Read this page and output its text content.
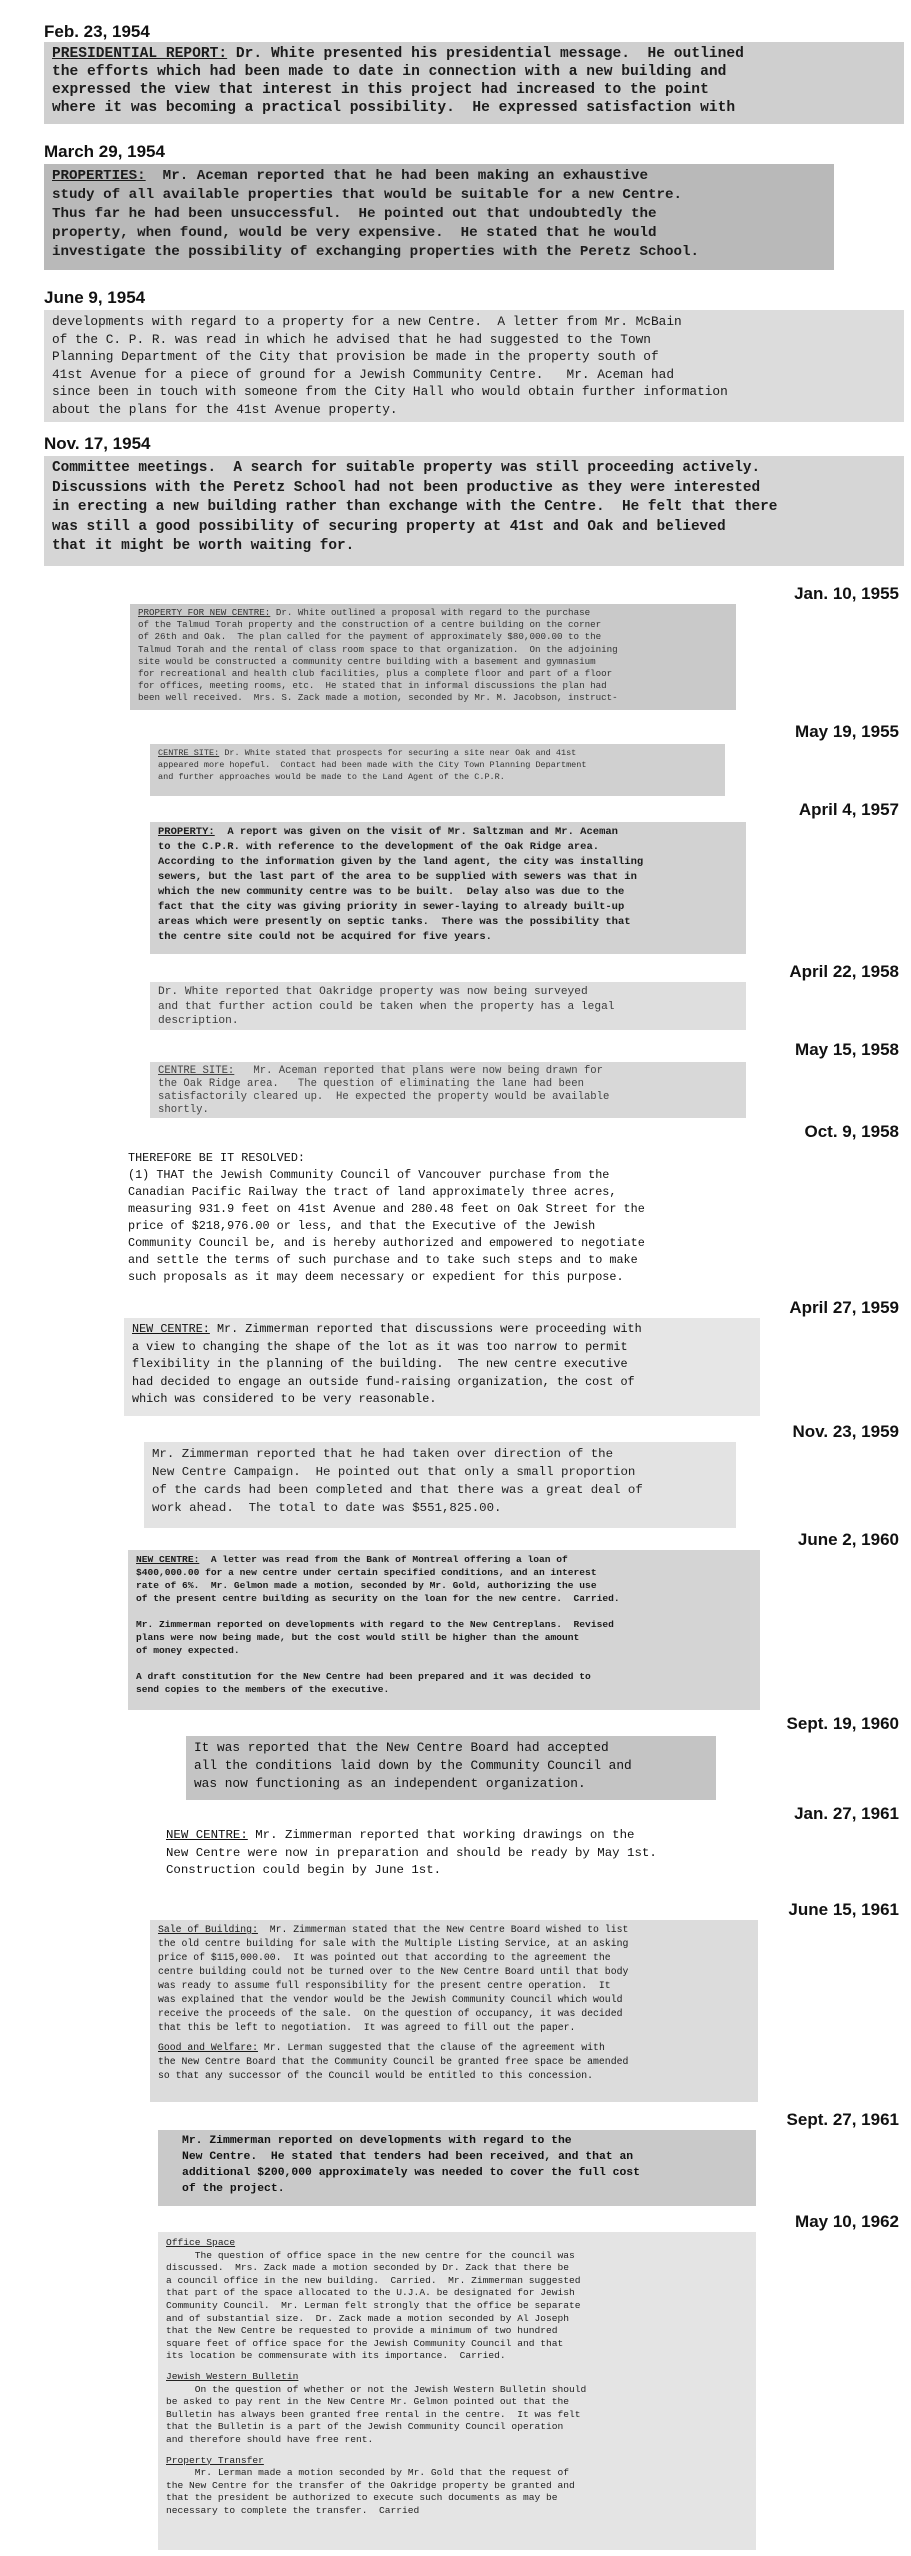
Feb. 23, 1954

PRESIDENTIAL REPORT: Dr. White presented his presidential message.  He outlined
the efforts which had been made to date in connection with a new building and
expressed the view that interest in this project had increased to the point
where it was becoming a practical possibility.  He expressed satisfaction with

March 29, 1954

PROPERTIES:  Mr. Aceman reported that he had been making an exhaustive
study of all available properties that would be suitable for a new Centre.
Thus far he had been unsuccessful.  He pointed out that undoubtedly the
property, when found, would be very expensive.  He stated that he would
investigate the possibility of exchanging properties with the Peretz School.

June 9, 1954

developments with regard to a property for a new Centre.  A letter from Mr. McBain
of the C. P. R. was read in which he advised that he had suggested to the Town
Planning Department of the City that provision be made in the property south of
41st Avenue for a piece of ground for a Jewish Community Centre.   Mr. Aceman had
since been in touch with someone from the City Hall who would obtain further information
about the plans for the 41st Avenue property.

Nov. 17, 1954

Committee meetings.  A search for suitable property was still proceeding actively.
Discussions with the Peretz School had not been productive as they were interested
in erecting a new building rather than exchange with the Centre.  He felt that there
was still a good possibility of securing property at 41st and Oak and believed
that it might be worth waiting for.

Jan. 10, 1955

PROPERTY FOR NEW CENTRE: Dr. White outlined a proposal with regard to the purchase
of the Talmud Torah property and the construction of a centre building on the corner
of 26th and Oak.  The plan called for the payment of approximately $80,000.00 to the
Talmud Torah and the rental of class room space to that organization.  On the adjoining
site would be constructed a community centre building with a basement and gymnasium
for recreational and health club facilities, plus a complete floor and part of a floor
for offices, meeting rooms, etc.  He stated that in informal discussions the plan had
been well received.  Mrs. S. Zack made a motion, seconded by Mr. M. Jacobson, instruct-

May 19, 1955

CENTRE SITE: Dr. White stated that prospects for securing a site near Oak and 41st
appeared more hopeful.  Contact had been made with the City Town Planning Department
and further approaches would be made to the Land Agent of the C.P.R.

April 4, 1957

PROPERTY:  A report was given on the visit of Mr. Saltzman and Mr. Aceman
to the C.P.R. with reference to the development of the Oak Ridge area.
According to the information given by the land agent, the city was installing
sewers, but the last part of the area to be supplied with sewers was that in
which the new community centre was to be built.  Delay also was due to the
fact that the city was giving priority in sewer-laying to already built-up
areas which were presently on septic tanks.  There was the possibility that
the centre site could not be acquired for five years.

April 22, 1958

Dr. White reported that Oakridge property was now being surveyed
and that further action could be taken when the property has a legal
description.

May 15, 1958

CENTRE SITE:   Mr. Aceman reported that plans were now being drawn for
the Oak Ridge area.   The question of eliminating the lane had been
satisfactorily cleared up.  He expected the property would be available
shortly.

Oct. 9, 1958

THEREFORE BE IT RESOLVED:
(1) THAT the Jewish Community Council of Vancouver purchase from the
Canadian Pacific Railway the tract of land approximately three acres,
measuring 931.9 feet on 41st Avenue and 280.48 feet on Oak Street for the
price of $218,976.00 or less, and that the Executive of the Jewish
Community Council be, and is hereby authorized and empowered to negotiate
and settle the terms of such purchase and to take such steps and to make
such proposals as it may deem necessary or expedient for this purpose.

April 27, 1959

NEW CENTRE: Mr. Zimmerman reported that discussions were proceeding with
a view to changing the shape of the lot as it was too narrow to permit
flexibility in the planning of the building.  The new centre executive
had decided to engage an outside fund-raising organization, the cost of
which was considered to be very reasonable.

Nov. 23, 1959

Mr. Zimmerman reported that he had taken over direction of the
New Centre Campaign.  He pointed out that only a small proportion
of the cards had been completed and that there was a great deal of
work ahead.  The total to date was $551,825.00.

June 2, 1960

NEW CENTRE:  A letter was read from the Bank of Montreal offering a loan of
$400,000.00 for a new centre under certain specified conditions, and an interest
rate of 6%.  Mr. Gelmon made a motion, seconded by Mr. Gold, authorizing the use
of the present centre building as security on the loan for the new centre.  Carried.

Mr. Zimmerman reported on developments with regard to the New Centreplans.  Revised
plans were now being made, but the cost would still be higher than the amount
of money expected.

A draft constitution for the New Centre had been prepared and it was decided to
send copies to the members of the executive.

Sept. 19, 1960

It was reported that the New Centre Board had accepted
all the conditions laid down by the Community Council and
was now functioning as an independent organization.

Jan. 27, 1961

NEW CENTRE: Mr. Zimmerman reported that working drawings on the
New Centre were now in preparation and should be ready by May 1st.
Construction could begin by June 1st.

June 15, 1961

Sale of Building:  Mr. Zimmerman stated that the New Centre Board wished to list
the old centre building for sale with the Multiple Listing Service, at an asking
price of $115,000.00.  It was pointed out that according to the agreement the
centre building could not be turned over to the New Centre Board until that body
was ready to assume full responsibility for the present centre operation.  It
was explained that the vendor would be the Jewish Community Council which would
receive the proceeds of the sale.  On the question of occupancy, it was decided
that this be left to negotiation.  It was agreed to fill out the paper.

Good and Welfare: Mr. Lerman suggested that the clause of the agreement with
the New Centre Board that the Community Council be granted free space be amended
so that any successor of the Council would be entitled to this concession.

Sept. 27, 1961

Mr. Zimmerman reported on developments with regard to the
New Centre.  He stated that tenders had been received, and that an
additional $200,000 approximately was needed to cover the full cost
of the project.

May 10, 1962
Office Space

The question of office space in the new centre for the council was
discussed.  Mrs. Zack made a motion seconded by Dr. Zack that there be
a council office in the new building.  Carried.  Mr. Zimmerman suggested
that part of the space allocated to the U.J.A. be designated for Jewish
Community Council.  Mr. Lerman felt strongly that the office be separate
and of substantial size.  Dr. Zack made a motion seconded by Al Joseph
that the New Centre be requested to provide a minimum of two hundred
square feet of office space for the Jewish Community Council and that
its location be commensurate with its importance.  Carried.

Jewish Western Bulletin

On the question of whether or not the Jewish Western Bulletin should
be asked to pay rent in the New Centre Mr. Gelmon pointed out that the
Bulletin has always been granted free rental in the centre.  It was felt
that the Bulletin is a part of the Jewish Community Council operation
and therefore should have free rent.

Property Transfer

Mr. Lerman made a motion seconded by Mr. Gold that the request of
the New Centre for the transfer of the Oakridge property be granted and
that the president be authorized to execute such documents as may be
necessary to complete the transfer.  Carried
